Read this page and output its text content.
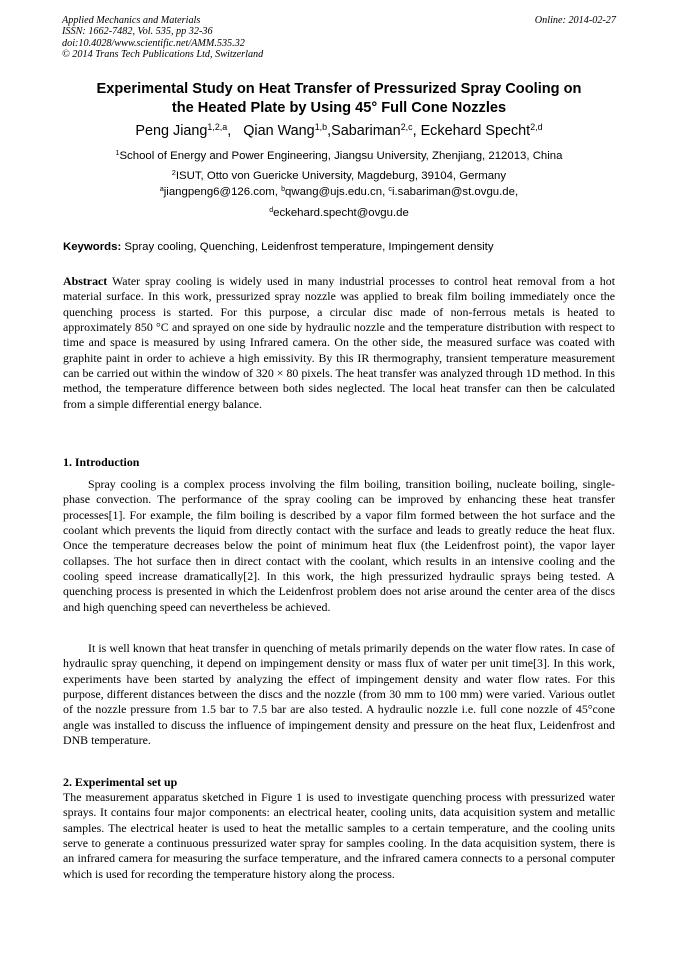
Applied Mechanics and Materials
ISSN: 1662-7482, Vol. 535, pp 32-36
doi:10.4028/www.scientific.net/AMM.535.32
© 2014 Trans Tech Publications Ltd, Switzerland
Online: 2014-02-27
Experimental Study on Heat Transfer of Pressurized Spray Cooling on
the Heated Plate by Using 45° Full Cone Nozzles
Peng Jiang$^{1,2,a}$,   Qian Wang$^{1,b}$,Sabariman$^{2,c}$, Eckehard Specht$^{2,d}$
$^1$School of Energy and Power Engineering, Jiangsu University, Zhenjiang, 212013, China
$^2$ISUT, Otto von Guericke University, Magdeburg, 39104, Germany
$^a$jiangpeng6@126.com, $^b$qwang@ujs.edu.cn, $^c$i.sabariman@st.ovgu.de,
$^d$eckehard.specht@ovgu.de
Keywords: Spray cooling, Quenching, Leidenfrost temperature, Impingement density
Abstract Water spray cooling is widely used in many industrial processes to control heat removal from a hot material surface. In this work, pressurized spray nozzle was applied to break film boiling immediately once the quenching process is started. For this purpose, a circular disc made of non-ferrous metals is heated to approximately 850 °C and sprayed on one side by hydraulic nozzle and the temperature distribution with respect to time and space is measured by using Infrared camera. On the other side, the measured surface was coated with graphite paint in order to achieve a high emissivity. By this IR thermography, transient temperature measurement can be carried out within the window of 320 × 80 pixels. The heat transfer was analyzed through 1D method. In this method, the temperature difference between both sides neglected. The local heat transfer can then be calculated from a simple differential energy balance.
1. Introduction
Spray cooling is a complex process involving the film boiling, transition boiling, nucleate boiling, single-phase convection. The performance of the spray cooling can be improved by enhancing these heat transfer processes[1]. For example, the film boiling is described by a vapor film formed between the hot surface and the coolant which prevents the liquid from directly contact with the surface and leads to greatly reduce the heat flux. Once the temperature decreases below the point of minimum heat flux (the Leidenfrost point), the vapor layer collapses. The hot surface then in direct contact with the coolant, which results in an intensive cooling and the cooling speed increase dramatically[2]. In this work, the high pressurized hydraulic sprays being tested. A quenching process is presented in which the Leidenfrost problem does not arise around the center area of the discs and high quenching speed can nevertheless be achieved.
It is well known that heat transfer in quenching of metals primarily depends on the water flow rates. In case of hydraulic spray quenching, it depend on impingement density or mass flux of water per unit time[3]. In this work, experiments have been started by analyzing the effect of impingement density and water flow rates. For this purpose, different distances between the discs and the nozzle (from 30 mm to 100 mm) were varied. Various outlet of the nozzle pressure from 1.5 bar to 7.5 bar are also tested. A hydraulic nozzle i.e. full cone nozzle of 45°cone angle was installed to discuss the influence of impingement density and pressure on the heat flux, Leidenfrost and DNB temperature.
2. Experimental set up
The measurement apparatus sketched in Figure 1 is used to investigate quenching process with pressurized water sprays. It contains four major components: an electrical heater, cooling units, data acquisition system and metallic samples. The electrical heater is used to heat the metallic samples to a certain temperature, and the cooling units serve to generate a continuous pressurized water spray for samples cooling. In the data acquisition system, there is an infrared camera for measuring the surface temperature, and the infrared camera connects to a personal computer which is used for recording the temperature history along the process.
